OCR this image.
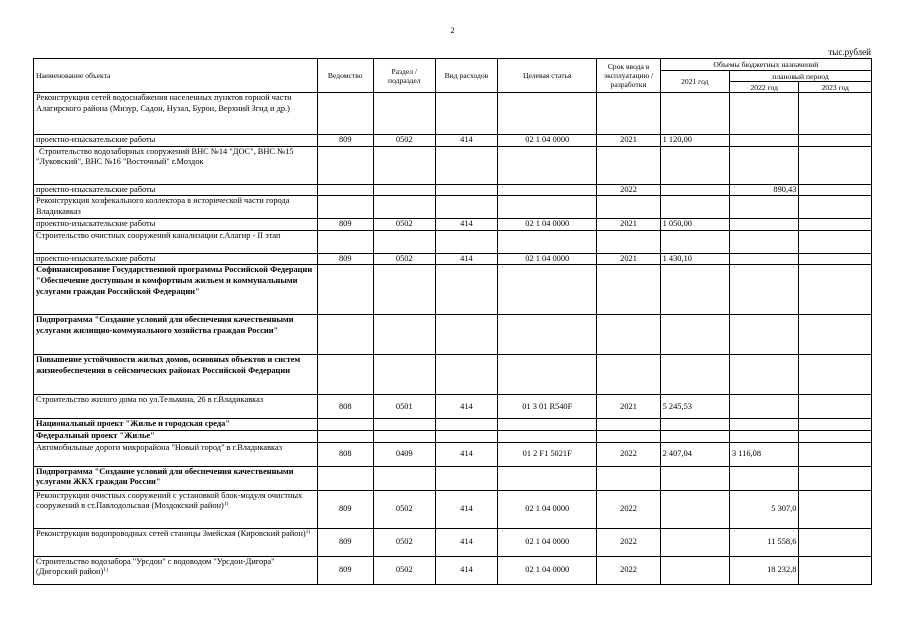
2
тыс.рублей
Наименование объекта	Ведомство	Раздел / подраздел	Вид расходов	Целевая статья	Срок ввода в эксплуатацию / разработки	Объемы бюджетных назначений		
						2021 год	плановый период	
							2022 год	2023 год
Реконструкция сетей водоснабжения населенных пунктов горной части Алагирского района (Мизур, Садон, Нузал, Бурон, Верхний Згид и др.)								
проектно-изыскательские работы	809	0502	414	02 1 04 0000	2021	1 120,00		
Строительство водозаборных сооружений ВНС №14 "ДОС", ВНС №15 "Луковский", ВНС №16 "Восточный" г.Моздок								
проектно-изыскательские работы					2022		890,43	
Реконструкция хозфекального коллектора в исторической части города Владикавказ								
проектно-изыскательские работы	809	0502	414	02 1 04 0000	2021	1 050,00		
Строительство очистных сооружений канализации г.Алагир - II этап								
проектно-изыскательские работы	809	0502	414	02 1 04 0000	2021	1 430,10		
Софинансирование Государственной программы Российской Федерации "Обеспечение доступным и комфортным жильем и коммунальными услугами граждан Российской Федерации"								
Подпрограмма "Создание условий для обеспечения качественными услугами жилищно-коммунального хозяйства граждан России"								
Повышение устойчивости жилых домов, основных объектов и систем жизнеобеспечения в сейсмических районах Российской Федерации								
Строительство жилого дома по ул.Тельмана, 26 в г.Владикавказ	808	0501	414	01 3 01 R540F	2021	5 245,53		
Национальный проект "Жилье и городская среда"								
Федеральный проект "Жилье"								
Автомобильные дороги микрорайона "Новый город" в г.Владикавказ	808	0409	414	01 2 F1 5021F	2022	2 407,04	3 116,08	
Подпрограмма "Создание условий для обеспечения качественными услугами ЖКХ граждан России"								
Реконструкция очистных сооружений с установкой блок-модуля очистных сооружений в ст.Павлодольская (Моздокский район)$^{1)}$	809	0502	414	02 1 04 0000	2022		5 307,0	
Реконструкция водопроводных сетей станицы Змейская (Кировский район)$^{1)}$	809	0502	414	02 1 04 0000	2022		11 558,6	
Строительство водозабора "Урсдон" с водоводом "Урсдон-Дигора" (Дигорский район)$^{1)}$	809	0502	414	02 1 04 0000	2022		18 232,8	
